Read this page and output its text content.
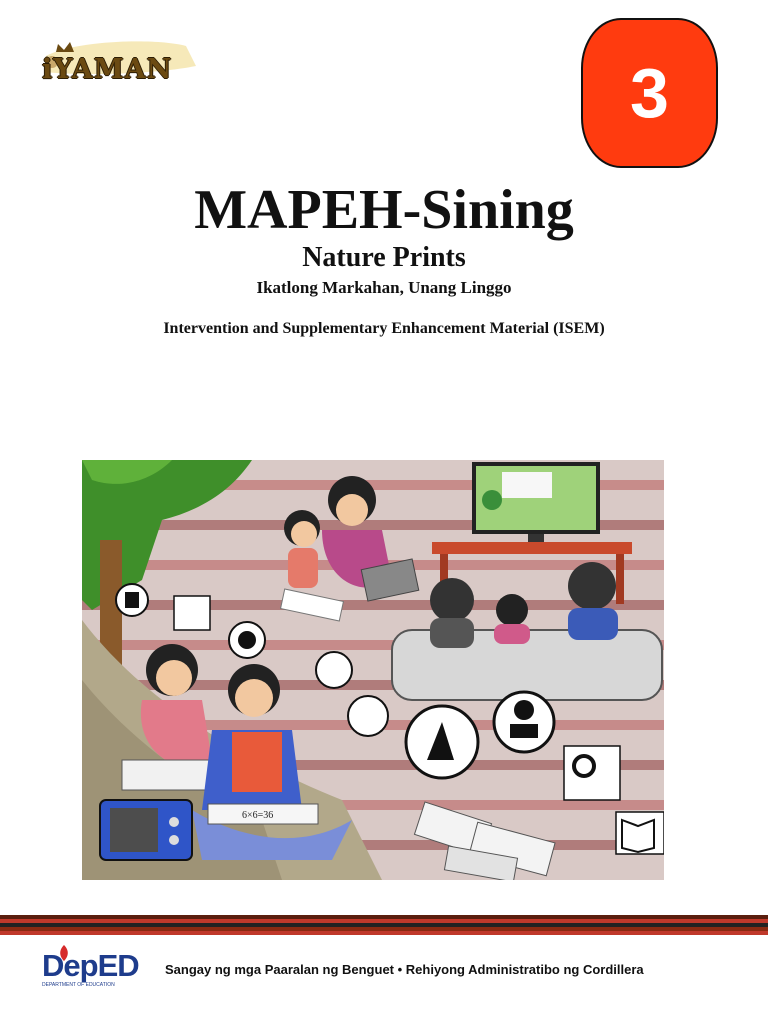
iYAMAN	3
MAPEH-Sining
Nature Prints
Ikatlong Markahan, Unang Linggo
Intervention and Supplementary Enhancement Material (ISEM)
6×6=36
DepED
DEPARTMENT OF EDUCATION
Sangay ng mga Paaralan ng Benguet • Rehiyong Administratibo ng Cordillera
